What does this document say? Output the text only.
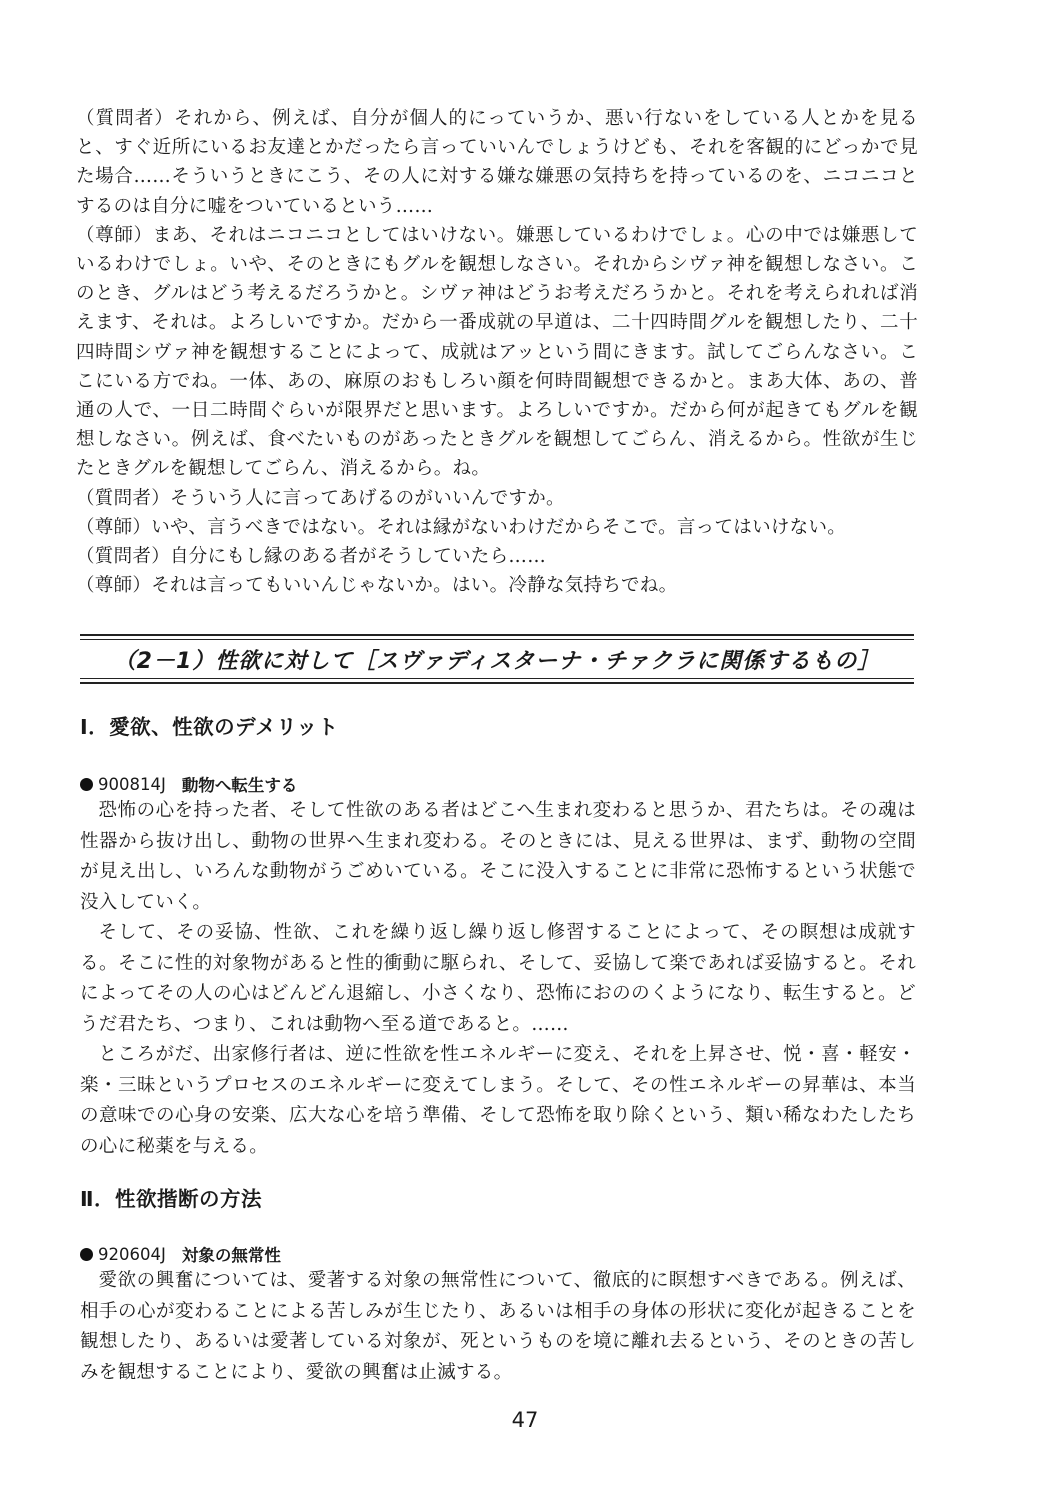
（質問者）それから、例えば、自分が個人的にっていうか、悪い行ないをしている人とかを見ると、すぐ近所にいるお友達とかだったら言っていいんでしょうけども、それを客観的にどっかで見た場合……そういうときにこう、その人に対する嫌な嫌悪の気持ちを持っているのを、ニコニコとするのは自分に嘘をついているという……

（尊師）まあ、それはニコニコとしてはいけない。嫌悪しているわけでしょ。心の中では嫌悪しているわけでしょ。いや、そのときにもグルを観想しなさい。それからシヴァ神を観想しなさい。このとき、グルはどう考えるだろうかと。シヴァ神はどうお考えだろうかと。それを考えられれば消えます、それは。よろしいですか。だから一番成就の早道は、二十四時間グルを観想したり、二十四時間シヴァ神を観想することによって、成就はアッという間にきます。試してごらんなさい。ここにいる方でね。一体、あの、麻原のおもしろい顔を何時間観想できるかと。まあ大体、あの、普通の人で、一日二時間ぐらいが限界だと思います。よろしいですか。だから何が起きてもグルを観想しなさい。例えば、食べたいものがあったときグルを観想してごらん、消えるから。性欲が生じたときグルを観想してごらん、消えるから。ね。

（質問者）そういう人に言ってあげるのがいいんですか。

（尊師）いや、言うべきではない。それは縁がないわけだからそこで。言ってはいけない。

（質問者）自分にもし縁のある者がそうしていたら……

（尊師）それは言ってもいいんじゃないか。はい。冷静な気持ちでね。

（2－1）性欲に対して［スヴァディスターナ・チァクラに関係するもの］
Ⅰ．愛欲、性欲のデメリット
900814J 動物へ転生する

恐怖の心を持った者、そして性欲のある者はどこへ生まれ変わると思うか、君たちは。その魂は性器から抜け出し、動物の世界へ生まれ変わる。そのときには、見える世界は、まず、動物の空間が見え出し、いろんな動物がうごめいている。そこに没入することに非常に恐怖するという状態で没入していく。

そして、その妥協、性欲、これを繰り返し繰り返し修習することによって、その瞑想は成就する。そこに性的対象物があると性的衝動に駆られ、そして、妥協して楽であれば妥協すると。それによってその人の心はどんどん退縮し、小さくなり、恐怖におののくようになり、転生すると。どうだ君たち、つまり、これは動物へ至る道であると。……

ところがだ、出家修行者は、逆に性欲を性エネルギーに変え、それを上昇させ、悦・喜・軽安・楽・三昧というプロセスのエネルギーに変えてしまう。そして、その性エネルギーの昇華は、本当の意味での心身の安楽、広大な心を培う準備、そして恐怖を取り除くという、類い稀なわたしたちの心に秘薬を与える。

Ⅱ．性欲揩断の方法
920604J 対象の無常性

愛欲の興奮については、愛著する対象の無常性について、徹底的に瞑想すべきである。例えば、相手の心が変わることによる苦しみが生じたり、あるいは相手の身体の形状に変化が起きることを観想したり、あるいは愛著している対象が、死というものを境に離れ去るという、そのときの苦しみを観想することにより、愛欲の興奮は止滅する。

47
